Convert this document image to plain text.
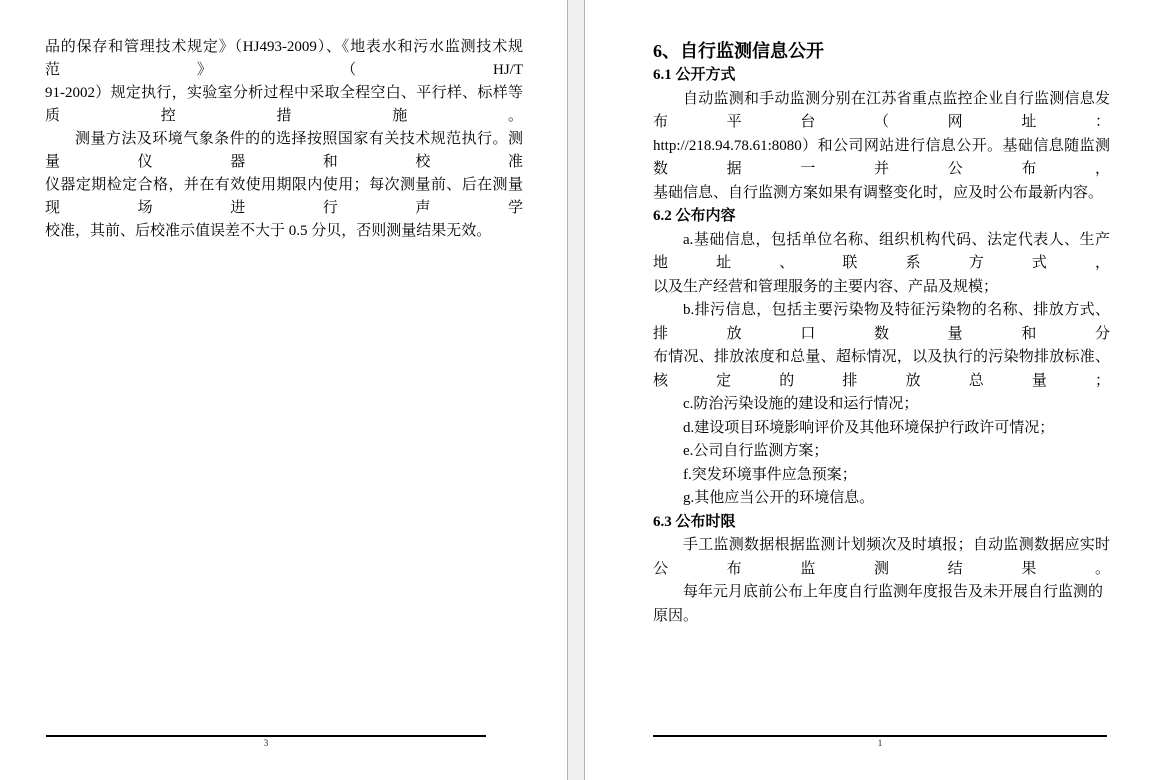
品的保存和管理技术规定》（HJ493-2009）、《地表水和污水监测技术规范》（HJ/T

91-2002）规定执行，实验室分析过程中采取全程空白、平行样、标样等质控措施。

测量方法及环境气象条件的的选择按照国家有关技术规范执行。测量仪器和校准

仪器定期检定合格，并在有效使用期限内使用；每次测量前、后在测量现场进行声学

校准，其前、后校准示值误差不大于 0.5 分贝，否则测量结果无效。

3
6、自行监测信息公开
6.1 公开方式

自动监测和手动监测分别在江苏省重点监控企业自行监测信息发布平台（网址：

http://218.94.78.61:8080）和公司网站进行信息公开。基础信息随监测数据一并公布，

基础信息、自行监测方案如果有调整变化时，应及时公布最新内容。

6.2 公布内容

a.基础信息，包括单位名称、组织机构代码、法定代表人、生产地址、联系方式，

以及生产经营和管理服务的主要内容、产品及规模；

b.排污信息，包括主要污染物及特征污染物的名称、排放方式、排放口数量和分

布情况、排放浓度和总量、超标情况，以及执行的污染物排放标准、核定的排放总量；

c.防治污染设施的建设和运行情况；

d.建设项目环境影响评价及其他环境保护行政许可情况；

e.公司自行监测方案；

f.突发环境事件应急预案；

g.其他应当公开的环境信息。

6.3 公布时限

手工监测数据根据监测计划频次及时填报；自动监测数据应实时公布监测结果。

每年元月底前公布上年度自行监测年度报告及未开展自行监测的原因。

1
